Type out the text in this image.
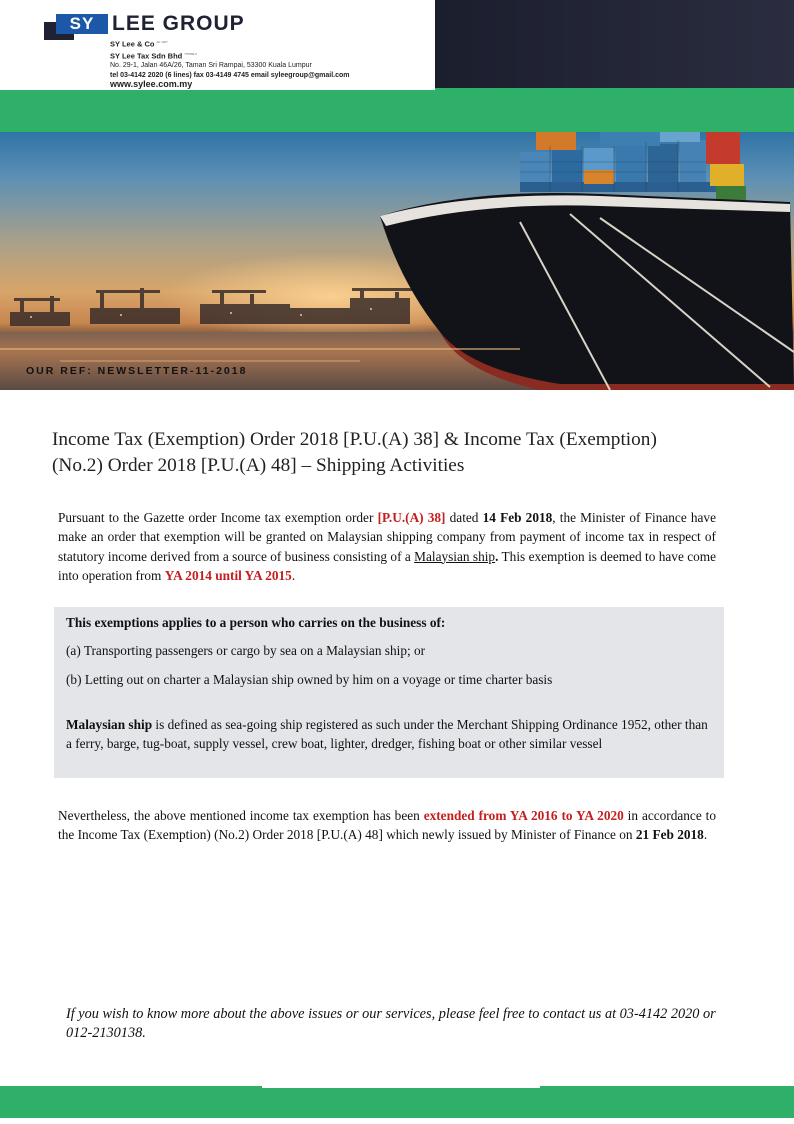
SY LEE GROUP
SY Lee & Co $^{AF 1207}$
SY Lee Tax Sdn Bhd $^{775969-K}$
No. 29-1, Jalan 46A/26, Taman Sri Rampai, 53300 Kuala Lumpur
tel 03-4142 2020 (6 lines) fax 03-4149 4745 email syleegroup@gmail.com
www.sylee.com.my
OUR REF: NEWSLETTER-11-2018
Income Tax (Exemption) Order 2018 [P.U.(A) 38] & Income Tax (Exemption)
(No.2) Order 2018 [P.U.(A) 48] – Shipping Activities
Pursuant to the Gazette order Income tax exemption order [P.U.(A) 38] dated 14 Feb 2018, the Minister of Finance have make an order that exemption will be granted on Malaysian shipping company from payment of income tax in respect of statutory income derived from a source of business consisting of a Malaysian ship. This exemption is deemed to have come into operation from YA 2014 until YA 2015.
This exemptions applies to a person who carries on the business of:
(a) Transporting passengers or cargo by sea on a Malaysian ship; or
(b) Letting out on charter a Malaysian ship owned by him on a voyage or time charter basis
Malaysian ship is defined as sea-going ship registered as such under the Merchant Shipping Ordinance 1952, other than a ferry, barge, tug-boat, supply vessel, crew boat, lighter, dredger, fishing boat or other similar vessel
Nevertheless, the above mentioned income tax exemption has been extended from YA 2016 to YA 2020 in accordance to the Income Tax (Exemption) (No.2) Order 2018 [P.U.(A) 48] which newly issued by Minister of Finance on 21 Feb 2018.
If you wish to know more about the above issues or our services, please feel free to contact us at 03-4142 2020 or 012-2130138.
